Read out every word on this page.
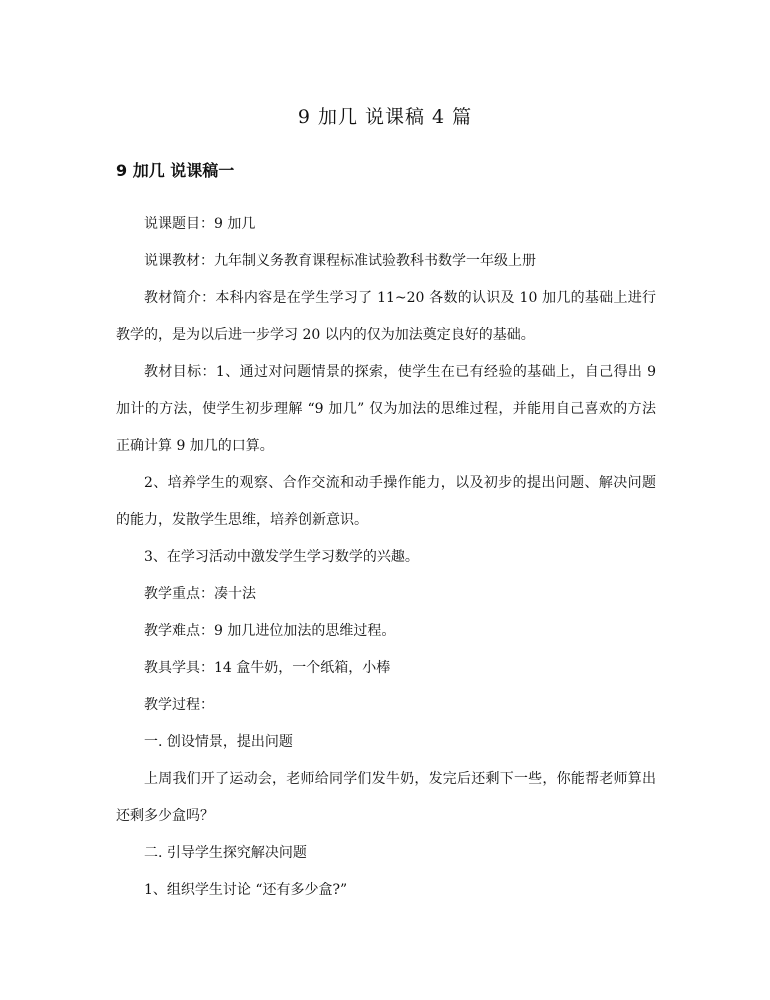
9 加几 说课稿 4 篇
9 加几 说课稿一

说课题目：9 加几

说课教材：九年制义务教育课程标准试验教科书数学一年级上册

教材简介：本科内容是在学生学习了 11~20 各数的认识及 10 加几的基础上进行教学的，是为以后进一步学习 20 以内的仅为加法奠定良好的基础。

教材目标：1、通过对问题情景的探索，使学生在已有经验的基础上，自己得出 9 加计的方法，使学生初步理解 “9 加几” 仅为加法的思维过程，并能用自己喜欢的方法正确计算 9 加几的口算。

2、培养学生的观察、合作交流和动手操作能力，以及初步的提出问题、解决问题的能力，发散学生思维，培养创新意识。

3、在学习活动中激发学生学习数学的兴趣。

教学重点：凑十法

教学难点：9 加几进位加法的思维过程。

教具学具：14 盒牛奶，一个纸箱，小棒

教学过程：

一. 创设情景，提出问题

上周我们开了运动会，老师给同学们发牛奶，发完后还剩下一些，你能帮老师算出还剩多少盒吗？

二. 引导学生探究解决问题

1、组织学生讨论 “还有多少盒?”
